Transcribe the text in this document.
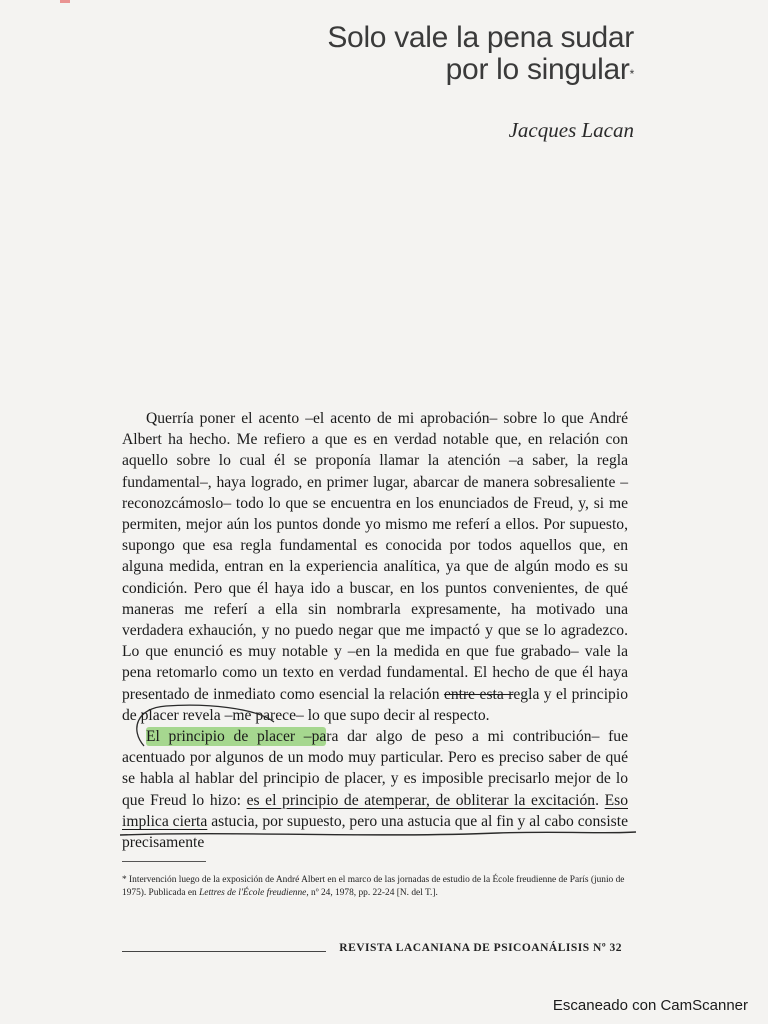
Solo vale la pena sudar
por lo singular*
Jacques Lacan

Querría poner el acento –el acento de mi aprobación– sobre lo que André Albert ha hecho. Me refiero a que es en verdad notable que, en relación con aquello sobre lo cual él se proponía llamar la atención –a saber, la regla fundamental–, haya logrado, en primer lugar, abarcar de manera sobresaliente –reconozcámoslo– todo lo que se encuentra en los enunciados de Freud, y, si me permiten, mejor aún los puntos donde yo mismo me referí a ellos. Por supuesto, supongo que esa regla fundamental es conocida por todos aquellos que, en alguna medida, entran en la experiencia analítica, ya que de algún modo es su condición. Pero que él haya ido a buscar, en los puntos convenientes, de qué maneras me referí a ella sin nombrarla expresamente, ha motivado una verdadera exhaución, y no puedo negar que me impactó y que se lo agradezco. Lo que enunció es muy notable y –en la medida en que fue grabado– vale la pena retomarlo como un texto en verdad fundamental. El hecho de que él haya presentado de inmediato como esencial la relación entre esta regla y el principio de placer revela –me parece– lo que supo decir al respecto.

El principio de placer –para dar algo de peso a mi contribución– fue acentuado por algunos de un modo muy particular. Pero es preciso saber de qué se habla al hablar del principio de placer, y es imposible precisarlo mejor de lo que Freud lo hizo: es el principio de atemperar, de obliterar la excitación. Eso implica cierta astucia, por supuesto, pero una astucia que al fin y al cabo consiste precisamente

* Intervención luego de la exposición de André Albert en el marco de las jornadas de estudio de la École freudienne de París (junio de 1975). Publicada en Lettres de l'École freudienne, nº 24, 1978, pp. 22-24 [N. del T.].
REVISTA LACANIANA DE PSICOANÁLISIS Nº 32
Escaneado con CamScanner
